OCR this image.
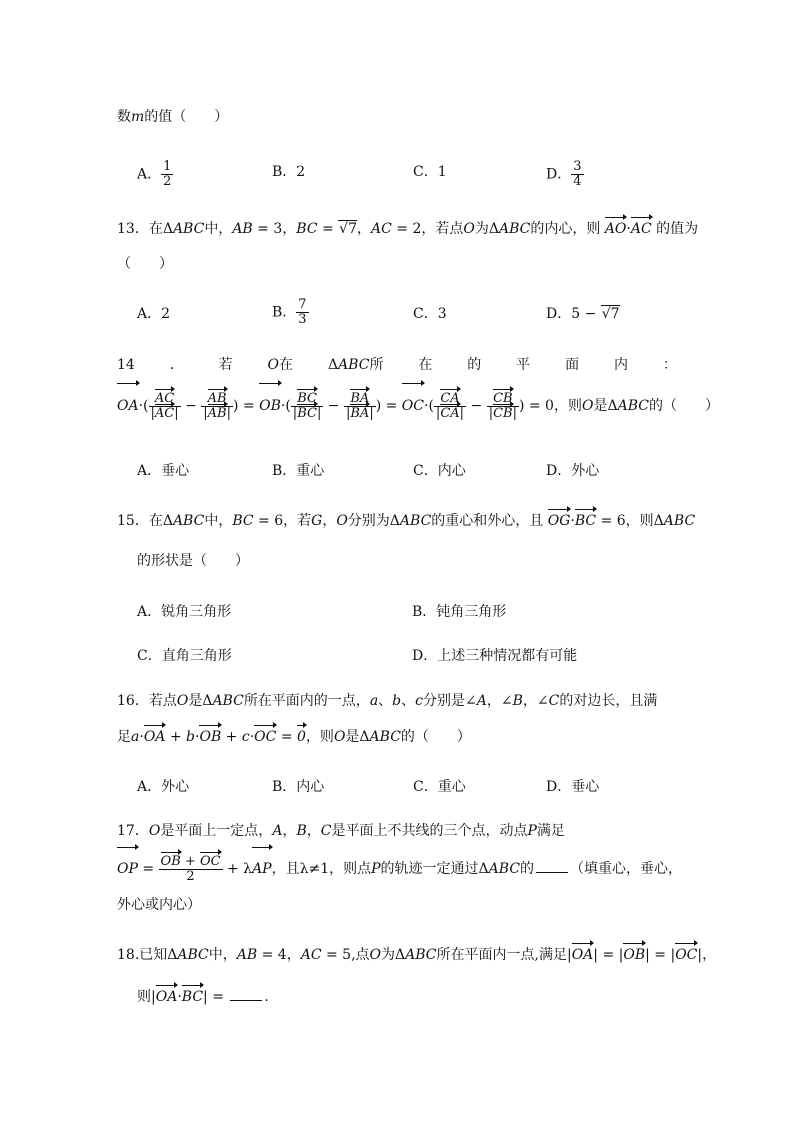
数m的值（　　）
A． $\frac{1}{2}$	B．2	C．1	D． $\frac{3}{4}$
13．在ΔABC中，AB = 3，BC = √7，AC = 2，若点O为ΔABC的内心，则 AO·AC 的值为
（　　）
A．2	B． $\frac{7}{3}$	C．3	D．5 − √7
14 ． 若 O在 ΔABC所 在 的 平 面 内 ：
$OA\cdot( \frac{AC}{|AC|} - \frac{AB}{|AB|}$ ) = $OB\cdot( \frac{BC}{|BC|} - \frac{BA}{|BA|}$ ) = $OC\cdot( \frac{CA}{|CA|} - \frac{CB}{|CB|}$ ) = 0，则O是ΔABC的（　　）
A．垂心	B．重心	C．内心	D．外心
15．在ΔABC中，BC = 6，若G，O分别为ΔABC的重心和外心，且 OG·BC = 6，则ΔABC
的形状是（　　）
A．锐角三角形	B．钝角三角形
C．直角三角形	D．上述三种情况都有可能
16．若点O是ΔABC所在平面内的一点，a、b、c分别是∠A，∠B，∠C的对边长，且满
足a·OA + b·OB + c·OC = 0，则O是ΔABC的（　　）
A．外心	B．内心	C．重心	D．垂心
17．O是平面上一定点，A，B，C是平面上不共线的三个点，动点P满足
OP = $\frac{OB + OC}{2} + \lambda AP$，且λ≠1，则点P的轨迹一定通过ΔABC的	（填重心，垂心，
外心或内心）
18.已知ΔABC中，AB = 4，AC = 5,点O为ΔABC所在平面内一点,满足|OA| = |OB| = |OC|，
则|OA·BC| =	.
